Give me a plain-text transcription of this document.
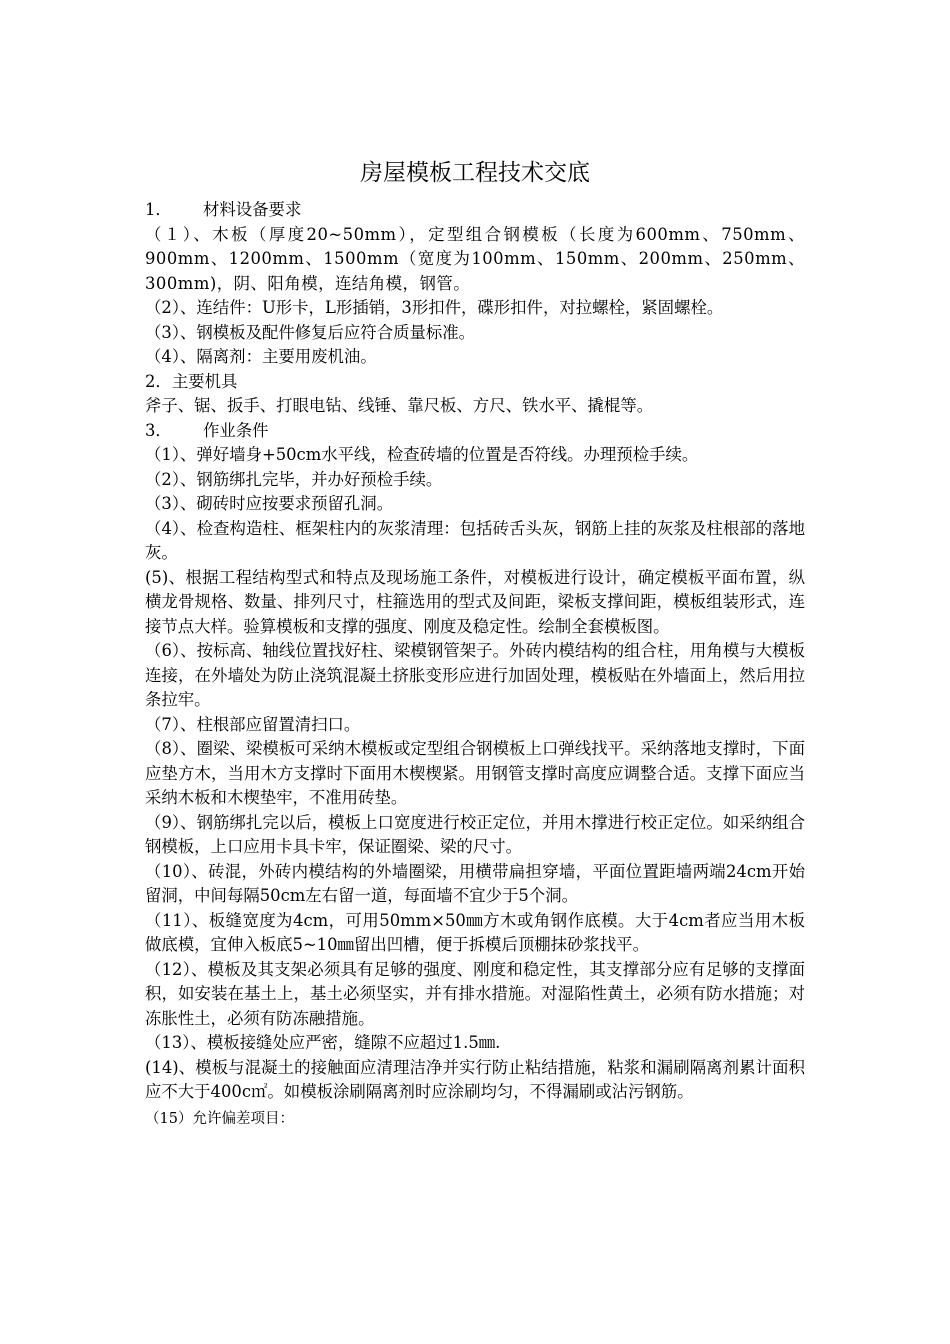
房屋模板工程技术交底

1． 材料设备要求

（１）、木板（厚度20~50mm），定型组合钢模板（长度为600mm、750mm、900mm、1200mm、1500mm（宽度为100mm、150mm、200mm、250mm、300mm)，阴、阳角模，连结角模，钢管。

（2）、连结件：U形卡，L形插销，3形扣件，碟形扣件，对拉螺栓，紧固螺栓。

（3）、钢模板及配件修复后应符合质量标准。

（4）、隔离剂：主要用废机油。

2．主要机具

斧子、锯、扳手、打眼电钻、线锤、靠尺板、方尺、铁水平、撬棍等。

3． 作业条件

（1）、弹好墙身+50cm水平线，检查砖墙的位置是否符线。办理预检手续。

（2）、钢筋绑扎完毕，并办好预检手续。

（3）、砌砖时应按要求预留孔洞。

（4）、检查构造柱、框架柱内的灰浆清理：包括砖舌头灰，钢筋上挂的灰浆及柱根部的落地灰。

(5)、根据工程结构型式和特点及现场施工条件，对模板进行设计，确定模板平面布置，纵横龙骨规格、数量、排列尺寸，柱箍选用的型式及间距，梁板支撑间距，模板组装形式，连接节点大样。验算模板和支撑的强度、刚度及稳定性。绘制全套模板图。

（6）、按标高、轴线位置找好柱、梁模钢管架子。外砖内模结构的组合柱，用角模与大模板连接，在外墙处为防止浇筑混凝土挤胀变形应进行加固处理，模板贴在外墙面上，然后用拉条拉牢。

（7）、柱根部应留置清扫口。

（8）、圈梁、梁模板可采纳木模板或定型组合钢模板上口弹线找平。采纳落地支撑时，下面应垫方木，当用木方支撑时下面用木楔楔紧。用钢管支撑时高度应调整合适。支撑下面应当采纳木板和木楔垫牢，不准用砖垫。

（9）、钢筋绑扎完以后，模板上口宽度进行校正定位，并用木撑进行校正定位。如采纳组合钢模板，上口应用卡具卡牢，保证圈梁、梁的尺寸。

（10）、砖混，外砖内模结构的外墙圈梁，用横带扁担穿墙，平面位置距墙两端24cm开始留洞，中间每隔50cm左右留一道，每面墙不宜少于5个洞。

（11）、板缝宽度为4cm，可用50mm×50㎜方木或角钢作底模。大于4cm者应当用木板做底模，宜伸入板底5~10㎜留出凹槽，便于拆模后顶棚抹砂浆找平。

（12）、模板及其支架必须具有足够的强度、刚度和稳定性，其支撑部分应有足够的支撑面积，如安装在基土上，基土必须坚实，并有排水措施。对湿陷性黄土，必须有防水措施；对冻胀性土，必须有防冻融措施。

（13）、模板接缝处应严密，缝隙不应超过1.5㎜.

(14)、模板与混凝土的接触面应清理洁净并实行防止粘结措施，粘浆和漏刷隔离剂累计面积应不大于400c㎡。如模板涂刷隔离剂时应涂刷均匀，不得漏刷或沾污钢筋。

（15）允许偏差项目：
